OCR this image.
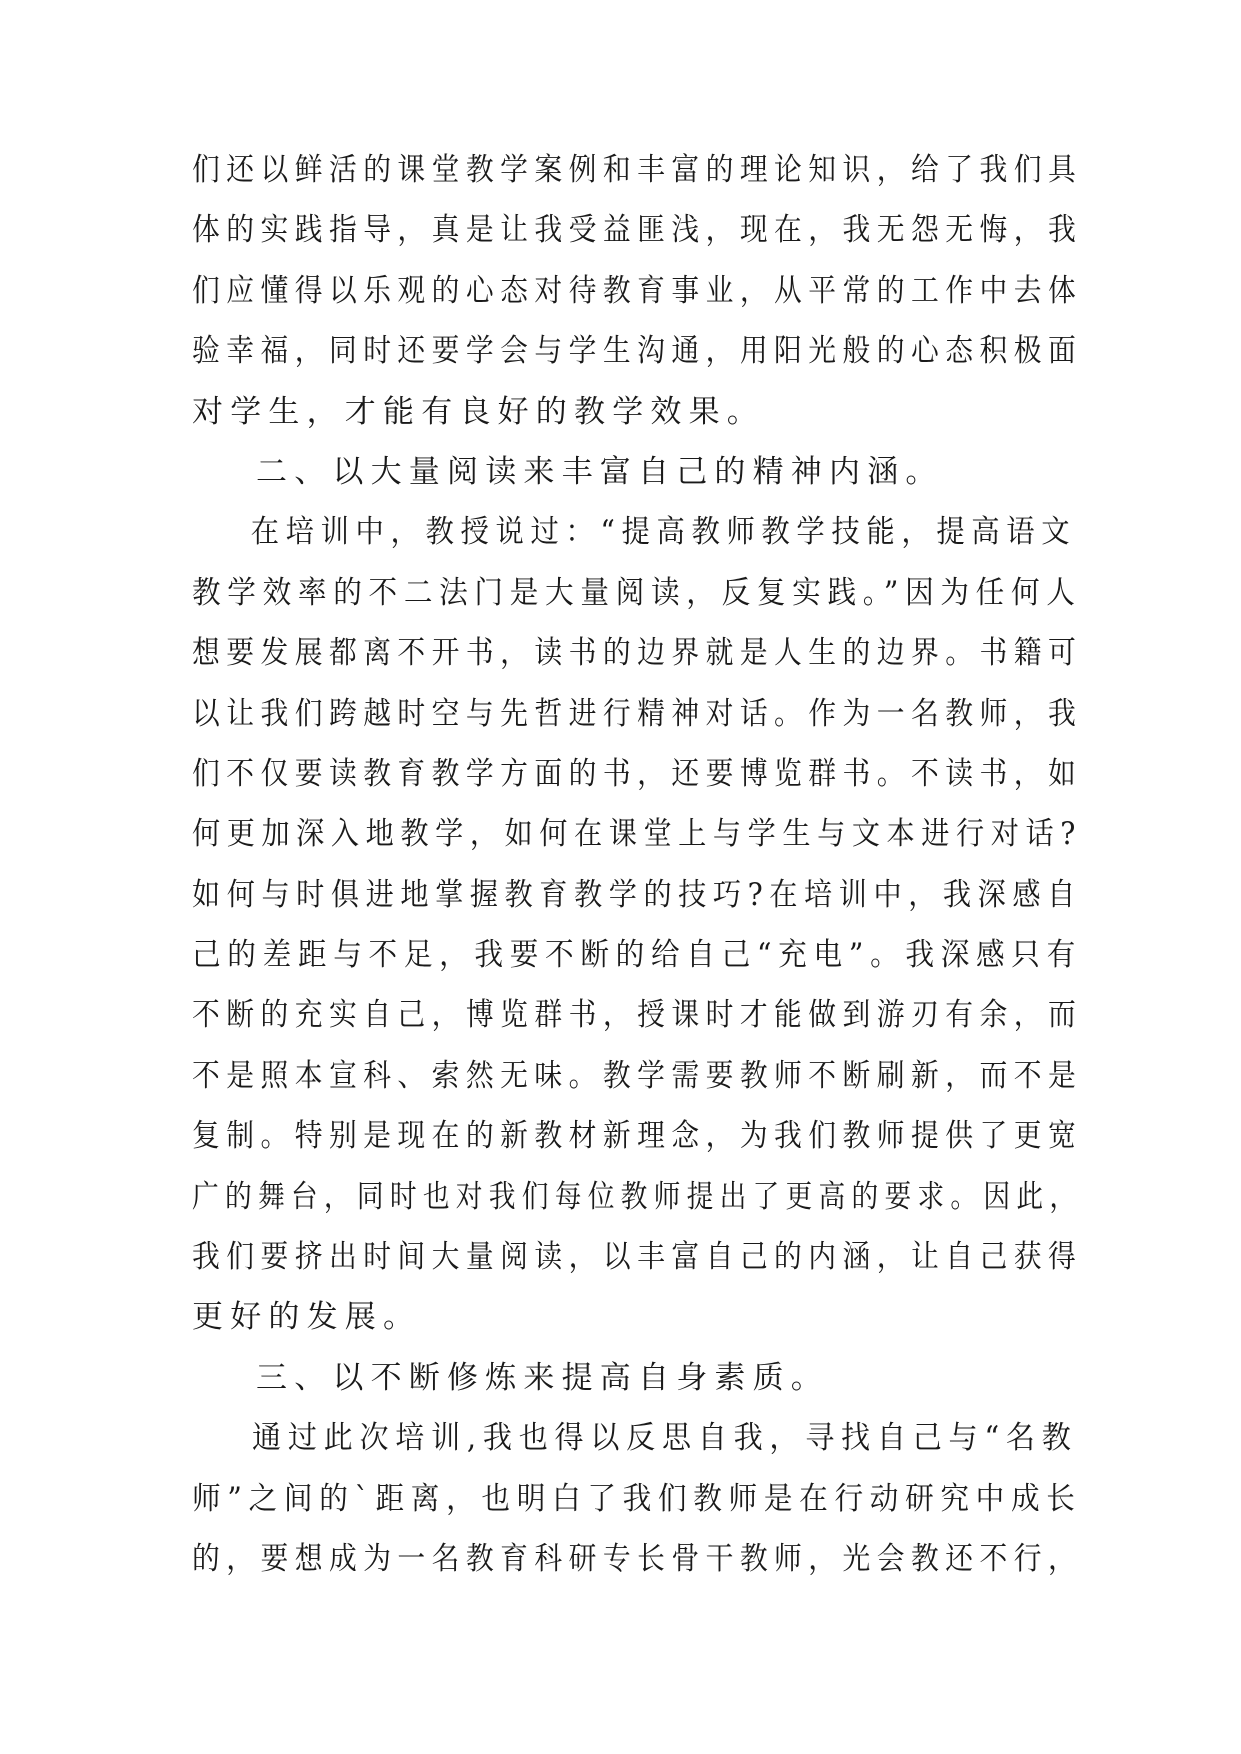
们还以鲜活的课堂教学案例和丰富的理论知识，给了我们具
体的实践指导，真是让我受益匪浅，现在，我无怨无悔，我
们应懂得以乐观的心态对待教育事业，从平常的工作中去体
验幸福，同时还要学会与学生沟通，用阳光般的心态积极面
对学生，才能有良好的教学效果。
二、以大量阅读来丰富自己的精神内涵。
在培训中，教授说过：“提高教师教学技能，提高语文
教学效率的不二法门是大量阅读，反复实践。”因为任何人
想要发展都离不开书，读书的边界就是人生的边界。书籍可
以让我们跨越时空与先哲进行精神对话。作为一名教师，我
们不仅要读教育教学方面的书，还要博览群书。不读书，如
何更加深入地教学，如何在课堂上与学生与文本进行对话?
如何与时俱进地掌握教育教学的技巧?在培训中，我深感自
己的差距与不足，我要不断的给自己“充电”。我深感只有
不断的充实自己，博览群书，授课时才能做到游刃有余，而
不是照本宣科、索然无味。教学需要教师不断刷新，而不是
复制。特别是现在的新教材新理念，为我们教师提供了更宽
广的舞台，同时也对我们每位教师提出了更高的要求。因此，
我们要挤出时间大量阅读，以丰富自己的内涵，让自己获得
更好的发展。
三、以不断修炼来提高自身素质。
通过此次培训,我也得以反思自我，寻找自己与“名教
师”之间的`距离，也明白了我们教师是在行动研究中成长
的，要想成为一名教育科研专长骨干教师，光会教还不行，
